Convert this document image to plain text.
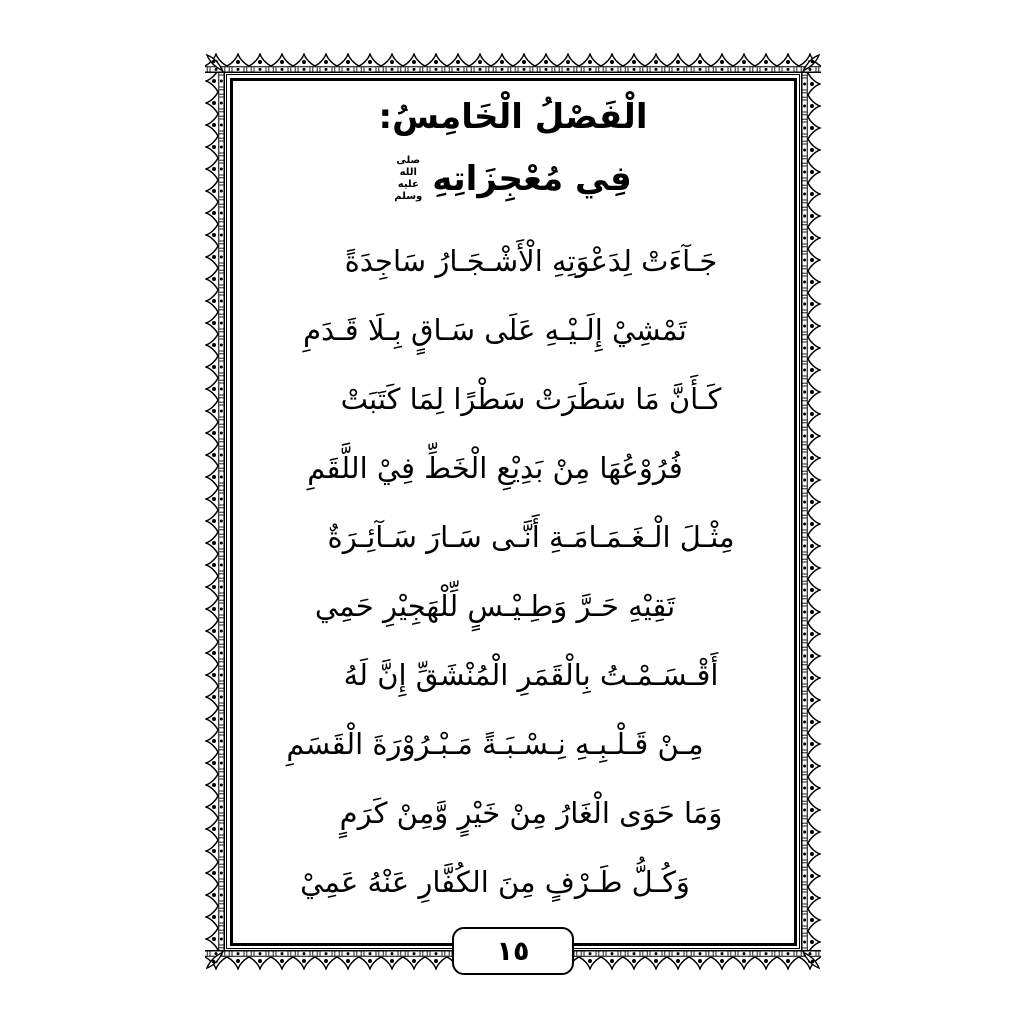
الْفَصْلُ الْخَامِسُ:
فِي مُعْجِزَاتِهِ
صلى
الله
عليه
وسلم
جَـآءَتْ لِدَعْوَتِهِ الْأَشْـجَـارُ سَاجِدَةً
تَمْشِيْ إِلَـيْـهِ عَلَى سَـاقٍ بِـلَا قَـدَمِ
كَـأَنَّ مَا سَطَرَتْ سَطْرًا لِمَا كَتَبَتْ
فُرُوْعُهَا مِنْ بَدِيْعِ الْخَطِّ فِيْ اللَّقَمِ
مِثْـلَ الْـغَـمَـامَـةِ أَنَّـى سَـارَ سَـآئِـرَةٌ
تَقِيْهِ حَـرَّ وَطِـيْـسٍ لِّلْهَجِيْرِ حَمِي
أَقْـسَـمْـتُ بِالْقَمَرِ الْمُنْشَقِّ إِنَّ لَهُ
مِـنْ قَـلْـبِـهِ نِـسْـبَـةً مَـبْـرُوْرَةَ الْقَسَمِ
وَمَا حَوَى الْغَارُ مِنْ خَيْرٍ وَّمِنْ كَرَمٍ
وَكُـلُّ طَـرْفٍ مِنَ الكُفَّارِ عَنْهُ عَمِيْ
١٥
